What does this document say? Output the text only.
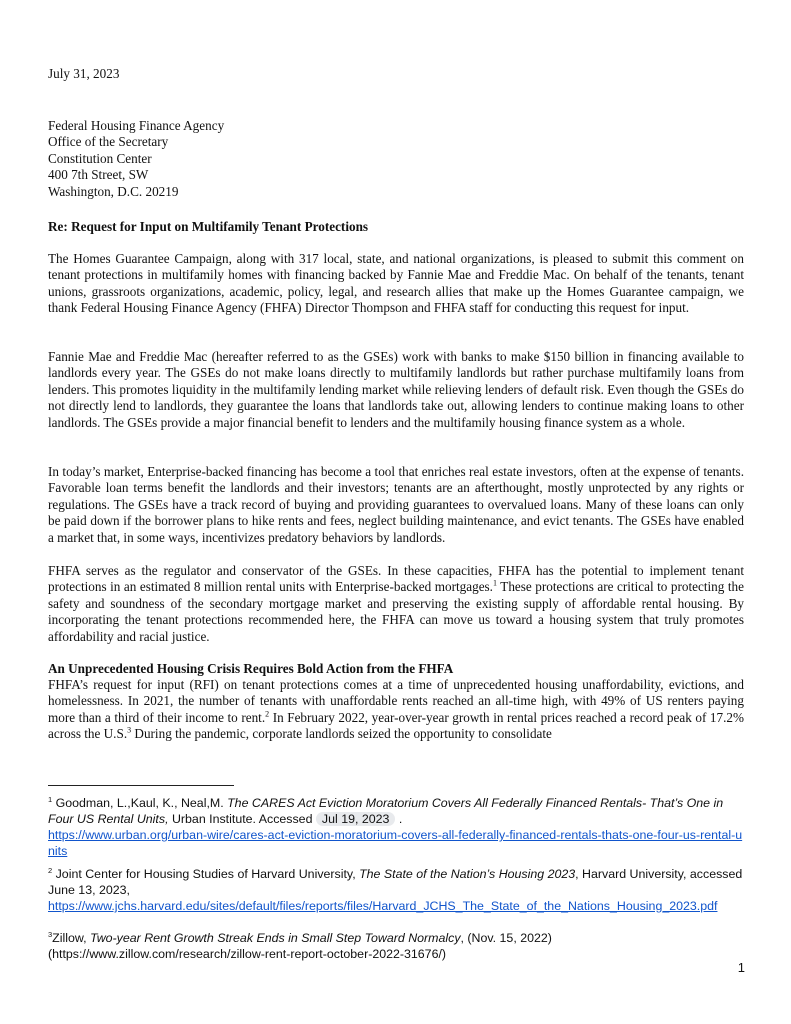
July 31, 2023
Federal Housing Finance Agency
Office of the Secretary
Constitution Center
400 7th Street, SW
Washington, D.C. 20219
Re: Request for Input on Multifamily Tenant Protections

The Homes Guarantee Campaign, along with 317 local, state, and national organizations, is pleased to submit this comment on tenant protections in multifamily homes with financing backed by Fannie Mae and Freddie Mac. On behalf of the tenants, tenant unions, grassroots organizations, academic, policy, legal, and research allies that make up the Homes Guarantee campaign, we thank Federal Housing Finance Agency (FHFA) Director Thompson and FHFA staff for conducting this request for input.

Fannie Mae and Freddie Mac (hereafter referred to as the GSEs) work with banks to make $150 billion in financing available to landlords every year. The GSEs do not make loans directly to multifamily landlords but rather purchase multifamily loans from lenders. This promotes liquidity in the multifamily lending market while relieving lenders of default risk. Even though the GSEs do not directly lend to landlords, they guarantee the loans that landlords take out, allowing lenders to continue making loans to other landlords. The GSEs provide a major financial benefit to lenders and the multifamily housing finance system as a whole.

In today’s market, Enterprise-backed financing has become a tool that enriches real estate investors, often at the expense of tenants. Favorable loan terms benefit the landlords and their investors; tenants are an afterthought, mostly unprotected by any rights or regulations. The GSEs have a track record of buying and providing guarantees to overvalued loans. Many of these loans can only be paid down if the borrower plans to hike rents and fees, neglect building maintenance, and evict tenants. The GSEs have enabled a market that, in some ways, incentivizes predatory behaviors by landlords.

FHFA serves as the regulator and conservator of the GSEs. In these capacities, FHFA has the potential to implement tenant protections in an estimated 8 million rental units with Enterprise-backed mortgages.$^1$ These protections are critical to protecting the safety and soundness of the secondary mortgage market and preserving the existing supply of affordable rental housing. By incorporating the tenant protections recommended here, the FHFA can move us toward a housing system that truly promotes affordability and racial justice.

An Unprecedented Housing Crisis Requires Bold Action from the FHFA

FHFA’s request for input (RFI) on tenant protections comes at a time of unprecedented housing unaffordability, evictions, and homelessness. In 2021, the number of tenants with unaffordable rents reached an all-time high, with 49% of US renters paying more than a third of their income to rent.$^2$ In February 2022, year-over-year growth in rental prices reached a record peak of 17.2% across the U.S.$^3$ During the pandemic, corporate landlords seized the opportunity to consolidate

$^1$ Goodman, L.,Kaul, K., Neal,M. The CARES Act Eviction Moratorium Covers All Federally Financed Rentals- That’s One in Four US Rental Units, Urban Institute. Accessed Jul 19, 2023 .
https://www.urban.org/urban-wire/cares-act-eviction-moratorium-covers-all-federally-financed-rentals-thats-one-four-us-rental-units
$^2$ Joint Center for Housing Studies of Harvard University, The State of the Nation’s Housing 2023, Harvard University, accessed June 13, 2023,
https://www.jchs.harvard.edu/sites/default/files/reports/files/Harvard_JCHS_The_State_of_the_Nations_Housing_2023.pdf
$^3$Zillow, Two-year Rent Growth Streak Ends in Small Step Toward Normalcy, (Nov. 15, 2022) (https://www.zillow.com/research/zillow-rent-report-october-2022-31676/)
1
